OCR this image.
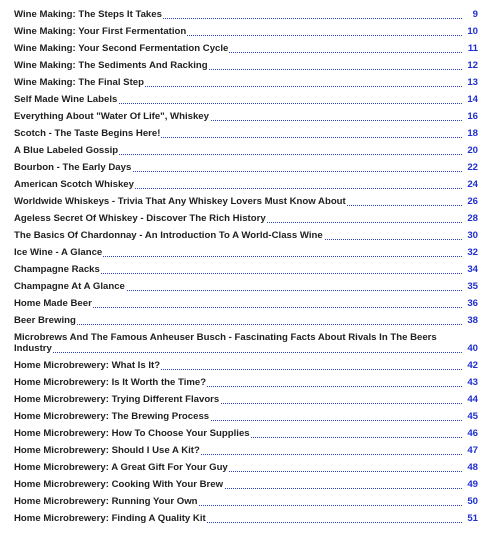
Wine Making: The Steps It Takes	9
Wine Making: Your First Fermentation	10
Wine Making: Your Second Fermentation Cycle	11
Wine Making: The Sediments And Racking	12
Wine Making: The Final Step	13
Self Made Wine Labels	14
Everything About "Water Of Life", Whiskey	16
Scotch - The Taste Begins Here!	18
A Blue Labeled Gossip	20
Bourbon - The Early Days	22
American Scotch Whiskey	24
Worldwide Whiskeys - Trivia That Any Whiskey Lovers Must Know About	26
Ageless Secret Of Whiskey - Discover The Rich History	28
The Basics Of Chardonnay - An Introduction To A World-Class Wine	30
Ice Wine - A Glance	32
Champagne Racks	34
Champagne At A Glance	35
Home Made Beer	36
Beer Brewing	38
Microbrews And The Famous Anheuser Busch - Fascinating Facts About Rivals In The Beers Industry	40
Home Microbrewery: What Is It?	42
Home Microbrewery: Is It Worth the Time?	43
Home Microbrewery: Trying Different Flavors	44
Home Microbrewery: The Brewing Process	45
Home Microbrewery: How To Choose Your Supplies	46
Home Microbrewery: Should I Use A Kit?	47
Home Microbrewery: A Great Gift For Your Guy	48
Home Microbrewery: Cooking With Your Brew	49
Home Microbrewery: Running Your Own	50
Home Microbrewery: Finding A Quality Kit	51
